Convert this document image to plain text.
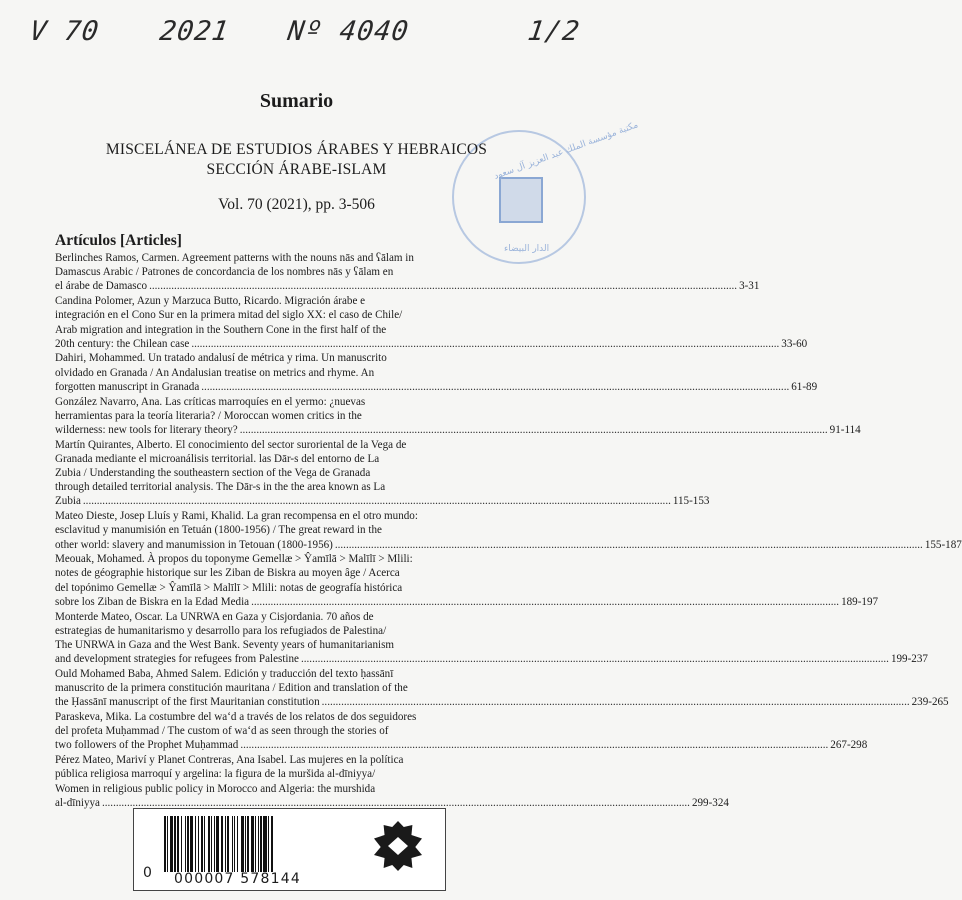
V 70 2021 Nº 4040	1/2
مكتبة مؤسسة الملك عبد العزيز آل سعود
الدار البيضاء
Sumario
MISCELÁNEA DE ESTUDIOS ÁRABES Y HEBRAICOS
SECCIÓN ÁRABE-ISLAM
Vol. 70 (2021), pp. 3-506
Artículos [Articles]
Berlinches Ramos, Carmen. Agreement patterns with the nouns nās and ʕālam in
Damascus Arabic / Patrones de concordancia de los nombres nās y ʕālam en
el árabe de Damasco .....	3-31
Candina Polomer, Azun y Marzuca Butto, Ricardo. Migración árabe e
integración en el Cono Sur en la primera mitad del siglo XX: el caso de Chile/
Arab migration and integration in the Southern Cone in the first half of the
20th century: the Chilean case .....	33-60
Dahiri, Mohammed. Un tratado andalusí de métrica y rima. Un manuscrito
olvidado en Granada / An Andalusian treatise on metrics and rhyme. An
forgotten manuscript in Granada .....	61-89
González Navarro, Ana. Las críticas marroquíes en el yermo: ¿nuevas
herramientas para la teoría literaria? / Moroccan women critics in the
wilderness: new tools for literary theory? .....	91-114
Martín Quirantes, Alberto. El conocimiento del sector suroriental de la Vega de
Granada mediante el microanálisis territorial. las Dār-s del entorno de La
Zubia / Understanding the southeastern section of the Vega de Granada
through detailed territorial analysis. The Dār-s in the the area known as La
Zubia .....	115-153
Mateo Dieste, Josep Lluís y Rami, Khalid. La gran recompensa en el otro mundo:
esclavitud y manumisión en Tetuán (1800-1956) / The great reward in the
other world: slavery and manumission in Tetouan (1800-1956) .....	155-187
Meouak, Mohamed. À propos du toponyme Gemellæ > Ŷamīlā > Malīlī > Mlili:
notes de géographie historique sur les Ziban de Biskra au moyen âge / Acerca
del topónimo Gemellæ > Ŷamīlā > Malīlī > Mlili: notas de geografía histórica
sobre los Ziban de Biskra en la Edad Media .....	189-197
Monterde Mateo, Oscar. La UNRWA en Gaza y Cisjordania. 70 años de
estrategias de humanitarismo y desarrollo para los refugiados de Palestina/
The UNRWA in Gaza and the West Bank. Seventy years of humanitarianism
and development strategies for refugees from Palestine .....	199-237
Ould Mohamed Baba, Ahmed Salem. Edición y traducción del texto ḥassānī
manuscrito de la primera constitución mauritana / Edition and translation of the
the Ḥassānī manuscript of the first Mauritanian constitution .....	239-265
Paraskeva, Mika. La costumbre del wa‘d a través de los relatos de dos seguidores
del profeta Muḥammad / The custom of wa‘d as seen through the stories of
two followers of the Prophet Muḥammad .....	267-298
Pérez Mateo, Mariví y Planet Contreras, Ana Isabel. Las mujeres en la política
pública religiosa marroquí y argelina: la figura de la muršida al-dīniyya/
Women in religious public policy in Morocco and Algeria: the murshida
al-dīniyya .....	299-324
0 000007 578144
